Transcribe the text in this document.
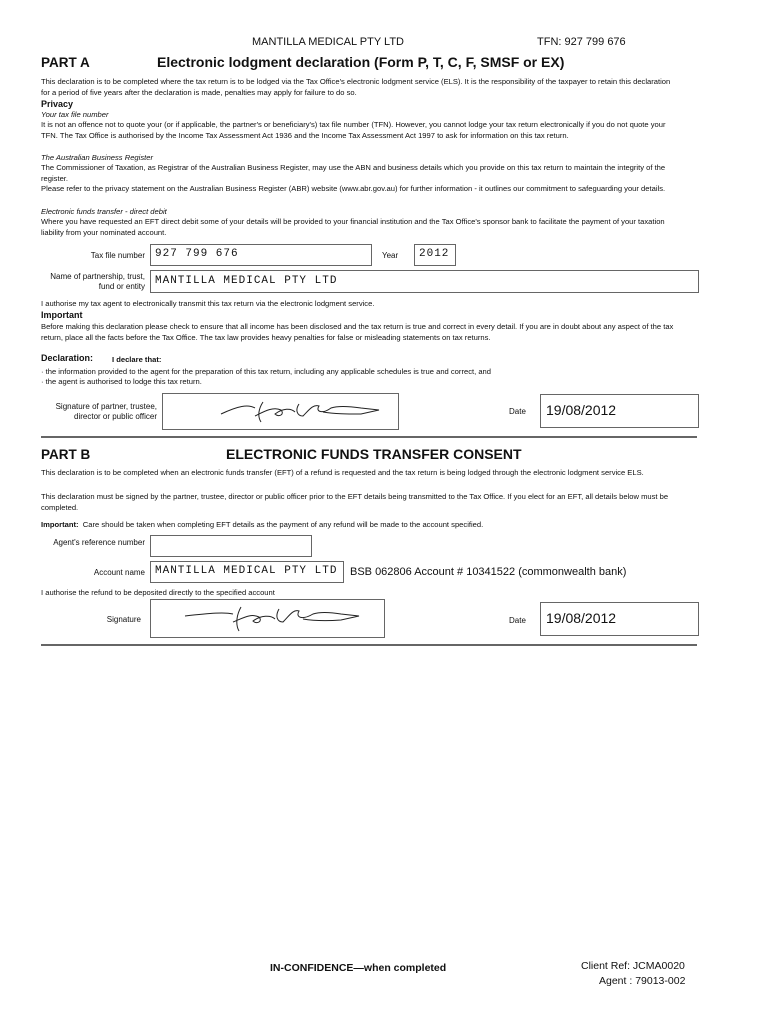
MANTILLA MEDICAL PTY LTD	TFN: 927 799 676
PART A	Electronic lodgment declaration (Form P, T, C, F, SMSF or EX)
This declaration is to be completed where the tax return is to be lodged via the Tax Office's electronic lodgment service (ELS). It is the responsibility of the taxpayer to retain this declaration for a period of five years after the declaration is made, penalties may apply for failure to do so.
Privacy
Your tax file number
It is not an offence not to quote your (or if applicable, the partner's or beneficiary's) tax file number (TFN). However, you cannot lodge your tax return electronically if you do not quote your TFN. The Tax Office is authorised by the Income Tax Assessment Act 1936 and the Income Tax Assessment Act 1997 to ask for information on this tax return.
The Australian Business Register
The Commissioner of Taxation, as Registrar of the Australian Business Register, may use the ABN and business details which you provide on this tax return to maintain the integrity of the register.
Please refer to the privacy statement on the Australian Business Register (ABR) website (www.abr.gov.au) for further information - it outlines our commitment to safeguarding your details.
Electronic funds transfer - direct debit
Where you have requested an EFT direct debit some of your details will be provided to your financial institution and the Tax Office's sponsor bank to facilitate the payment of your taxation liability from your nominated account.
Tax file number 927 799 676	Year 2012
Name of partnership, trust, fund or entity MANTILLA MEDICAL PTY LTD
I authorise my tax agent to electronically transmit this tax return via the electronic lodgment service.
Important
Before making this declaration please check to ensure that all income has been disclosed and the tax return is true and correct in every detail. If you are in doubt about any aspect of the tax return, place all the facts before the Tax Office. The tax law provides heavy penalties for false or misleading statements on tax returns.
Declaration: I declare that:
· the information provided to the agent for the preparation of this tax return, including any applicable schedules is true and correct, and
· the agent is authorised to lodge this tax return.
Signature of partner, trustee, director or public officer
Date 19/08/2012
PART B	ELECTRONIC FUNDS TRANSFER CONSENT
This declaration is to be completed when an electronic funds transfer (EFT) of a refund is requested and the tax return is being lodged through the electronic lodgment service ELS.
This declaration must be signed by the partner, trustee, director or public officer prior to the EFT details being transmitted to the Tax Office. If you elect for an EFT, all details below must be completed.
Important: Care should be taken when completing EFT details as the payment of any refund will be made to the account specified.
Agent's reference number
Account name MANTILLA MEDICAL PTY LTD BSB 062806 Account # 10341522 (commonwealth bank)
I authorise the refund to be deposited directly to the specified account
Signature	Date 19/08/2012
IN-CONFIDENCE—when completed	Client Ref: JCMA0020
Agent : 79013-002
